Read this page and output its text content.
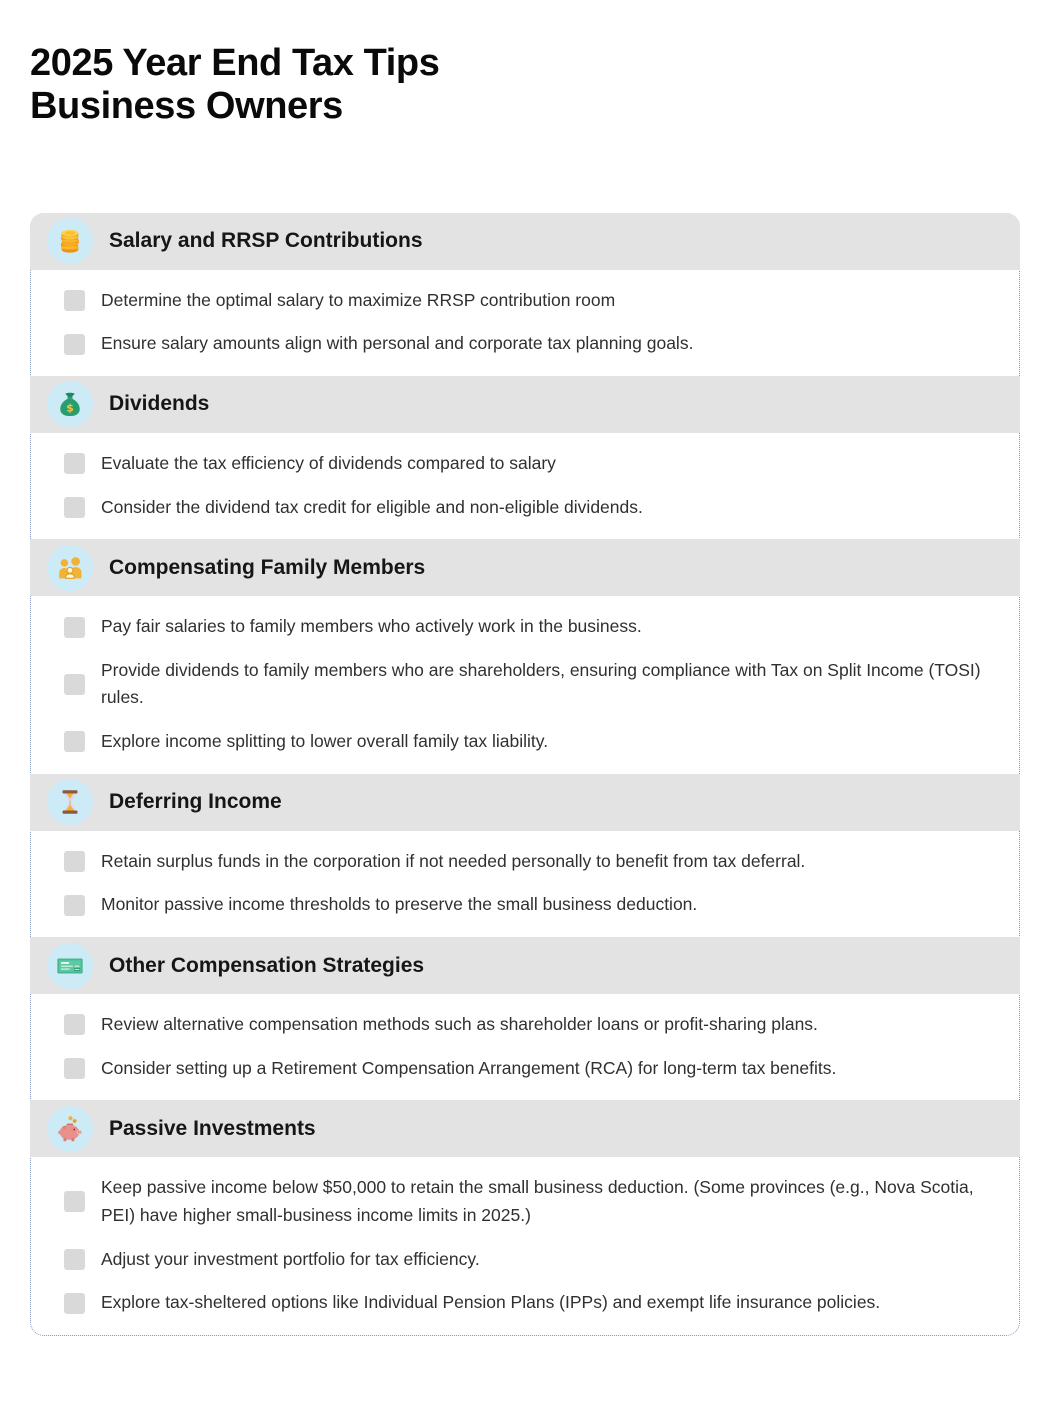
2025 Year End Tax Tips
Business Owners
Salary and RRSP Contributions

Determine the optimal salary to maximize RRSP contribution room

Ensure salary amounts align with personal and corporate tax planning goals.

$ Dividends

Evaluate the tax efficiency of dividends compared to salary

Consider the dividend tax credit for eligible and non-eligible dividends.

Compensating Family Members

Pay fair salaries to family members who actively work in the business.

Provide dividends to family members who are shareholders, ensuring compliance with Tax on Split Income (TOSI) rules.

Explore income splitting to lower overall family tax liability.

Deferring Income

Retain surplus funds in the corporation if not needed personally to benefit from tax deferral.

Monitor passive income thresholds to preserve the small business deduction.

Other Compensation Strategies

Review alternative compensation methods such as shareholder loans or profit-sharing plans.

Consider setting up a Retirement Compensation Arrangement (RCA) for long-term tax benefits.

Passive Investments

Keep passive income below $50,000 to retain the small business deduction. (Some provinces (e.g., Nova Scotia, PEI) have higher small-business income limits in 2025.)

Adjust your investment portfolio for tax efficiency.

Explore tax-sheltered options like Individual Pension Plans (IPPs) and exempt life insurance policies.
